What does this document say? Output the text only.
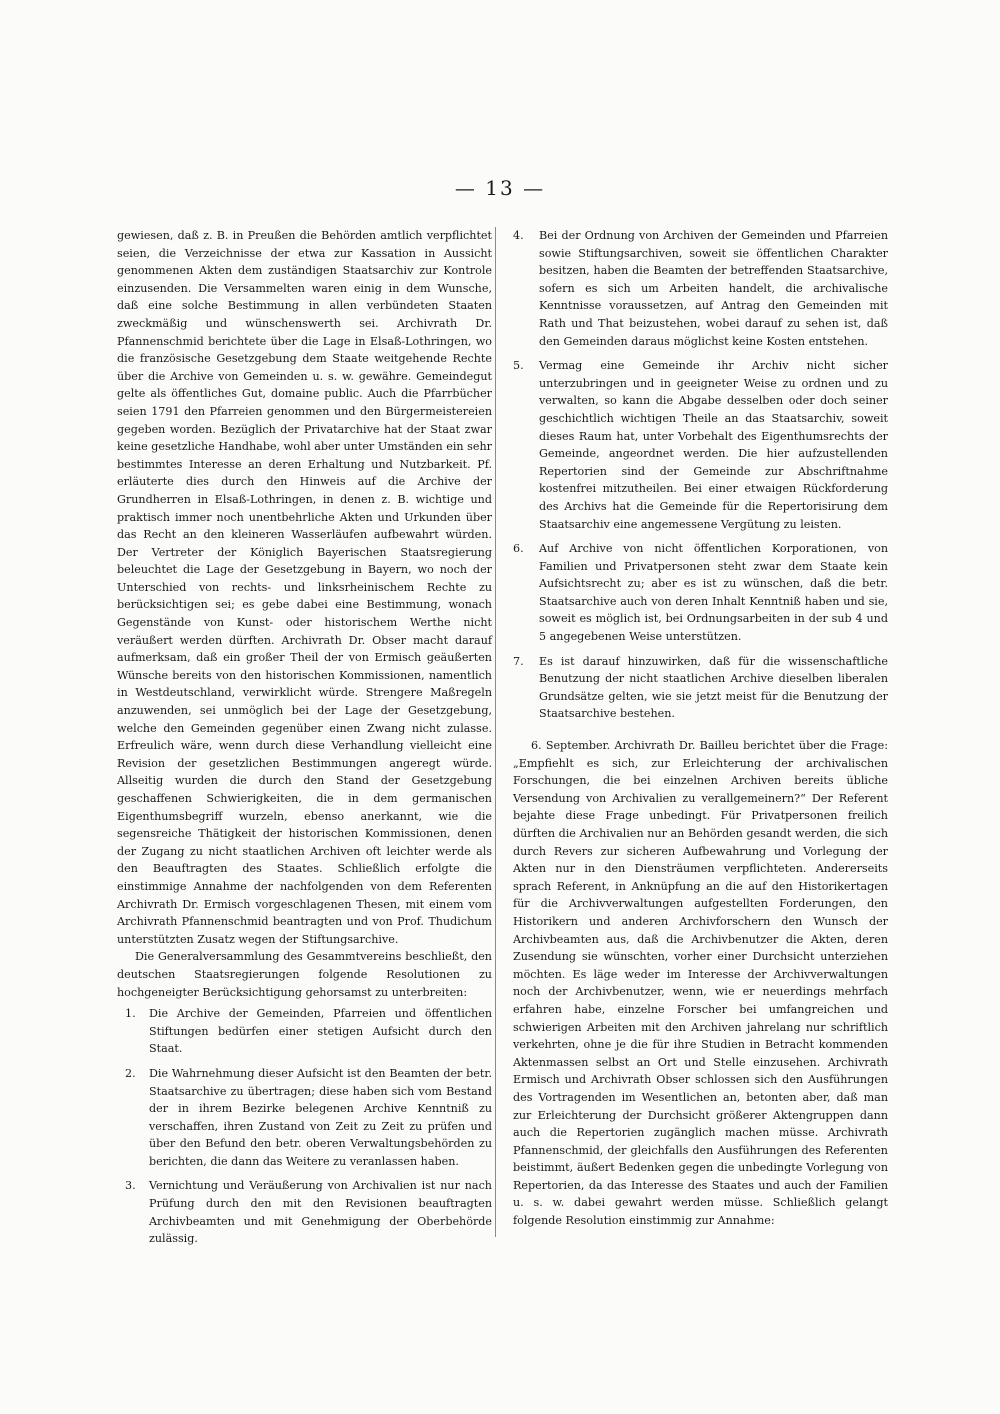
— 13 —

gewiesen, daß z. B. in Preußen die Behörden amtlich verpflichtet seien, die Verzeichnisse der etwa zur Kassation in Aussicht genommenen Akten dem zuständigen Staatsarchiv zur Kontrole einzusenden. Die Versammelten waren einig in dem Wunsche, daß eine solche Bestimmung in allen verbündeten Staaten zweckmäßig und wünschenswerth sei. Archivrath Dr. Pfannenschmid berichtete über die Lage in Elsaß-Lothringen, wo die französische Gesetzgebung dem Staate weitgehende Rechte über die Archive von Gemeinden u. s. w. gewähre. Gemeindegut gelte als öffentliches Gut, domaine public. Auch die Pfarrbücher seien 1791 den Pfarreien genommen und den Bürgermeistereien gegeben worden. Bezüglich der Privatarchive hat der Staat zwar keine gesetzliche Handhabe, wohl aber unter Umständen ein sehr bestimmtes Interesse an deren Erhaltung und Nutzbarkeit. Pf. erläuterte dies durch den Hinweis auf die Archive der Grundherren in Elsaß-Lothringen, in denen z. B. wichtige und praktisch immer noch unentbehrliche Akten und Urkunden über das Recht an den kleineren Wasserläufen aufbewahrt würden. Der Vertreter der Königlich Bayerischen Staatsregierung beleuchtet die Lage der Gesetzgebung in Bayern, wo noch der Unterschied von rechts- und linksrheinischem Rechte zu berücksichtigen sei; es gebe dabei eine Bestimmung, wonach Gegenstände von Kunst- oder historischem Werthe nicht veräußert werden dürften. Archivrath Dr. Obser macht darauf aufmerksam, daß ein großer Theil der von Ermisch geäußerten Wünsche bereits von den historischen Kommissionen, namentlich in Westdeutschland, verwirklicht würde. Strengere Maßregeln anzuwenden, sei unmöglich bei der Lage der Gesetzgebung, welche den Gemeinden gegenüber einen Zwang nicht zulasse. Erfreulich wäre, wenn durch diese Verhandlung vielleicht eine Revision der gesetzlichen Bestimmungen angeregt würde. Allseitig wurden die durch den Stand der Gesetzgebung geschaffenen Schwierigkeiten, die in dem germanischen Eigenthumsbegriff wurzeln, ebenso anerkannt, wie die segensreiche Thätigkeit der historischen Kommissionen, denen der Zugang zu nicht staatlichen Archiven oft leichter werde als den Beauftragten des Staates. Schließlich erfolgte die einstimmige Annahme der nachfolgenden von dem Referenten Archivrath Dr. Ermisch vorgeschlagenen Thesen, mit einem vom Archivrath Pfannenschmid beantragten und von Prof. Thudichum unterstützten Zusatz wegen der Stiftungsarchive.

Die Generalversammlung des Gesammtvereins beschließt, den deutschen Staatsregierungen folgende Resolutionen zu hochgeneigter Berücksichtigung gehorsamst zu unterbreiten:

1. Die Archive der Gemeinden, Pfarreien und öffentlichen Stiftungen bedürfen einer stetigen Aufsicht durch den Staat.
2. Die Wahrnehmung dieser Aufsicht ist den Beamten der betr. Staatsarchive zu übertragen; diese haben sich vom Bestand der in ihrem Bezirke belegenen Archive Kenntniß zu verschaffen, ihren Zustand von Zeit zu Zeit zu prüfen und über den Befund den betr. oberen Verwaltungsbehörden zu berichten, die dann das Weitere zu veranlassen haben.
3. Vernichtung und Veräußerung von Archivalien ist nur nach Prüfung durch den mit den Revisionen beauftragten Archivbeamten und mit Genehmigung der Oberbehörde zulässig.
4. Bei der Ordnung von Archiven der Gemeinden und Pfarreien sowie Stiftungsarchiven, soweit sie öffentlichen Charakter besitzen, haben die Beamten der betreffenden Staatsarchive, sofern es sich um Arbeiten handelt, die archivalische Kenntnisse voraussetzen, auf Antrag den Gemeinden mit Rath und That beizustehen, wobei darauf zu sehen ist, daß den Gemeinden daraus möglichst keine Kosten entstehen.
5. Vermag eine Gemeinde ihr Archiv nicht sicher unterzubringen und in geeigneter Weise zu ordnen und zu verwalten, so kann die Abgabe desselben oder doch seiner geschichtlich wichtigen Theile an das Staatsarchiv, soweit dieses Raum hat, unter Vorbehalt des Eigenthumsrechts der Gemeinde, angeordnet werden. Die hier aufzustellenden Repertorien sind der Gemeinde zur Abschriftnahme kostenfrei mitzutheilen. Bei einer etwaigen Rückforderung des Archivs hat die Gemeinde für die Repertorisirung dem Staatsarchiv eine angemessene Vergütung zu leisten.
6. Auf Archive von nicht öffentlichen Korporationen, von Familien und Privatpersonen steht zwar dem Staate kein Aufsichtsrecht zu; aber es ist zu wünschen, daß die betr. Staatsarchive auch von deren Inhalt Kenntniß haben und sie, soweit es möglich ist, bei Ordnungsarbeiten in der sub 4 und 5 angegebenen Weise unterstützen.
7. Es ist darauf hinzuwirken, daß für die wissenschaftliche Benutzung der nicht staatlichen Archive dieselben liberalen Grundsätze gelten, wie sie jetzt meist für die Benutzung der Staatsarchive bestehen.

6. September. Archivrath Dr. Bailleu berichtet über die Frage: „Empfiehlt es sich, zur Erleichterung der archivalischen Forschungen, die bei einzelnen Archiven bereits übliche Versendung von Archivalien zu verallgemeinern?“ Der Referent bejahte diese Frage unbedingt. Für Privatpersonen freilich dürften die Archivalien nur an Behörden gesandt werden, die sich durch Revers zur sicheren Aufbewahrung und Vorlegung der Akten nur in den Diensträumen verpflichteten. Andererseits sprach Referent, in Anknüpfung an die auf den Historikertagen für die Archivverwaltungen aufgestellten Forderungen, den Historikern und anderen Archivforschern den Wunsch der Archivbeamten aus, daß die Archivbenutzer die Akten, deren Zusendung sie wünschten, vorher einer Durchsicht unterziehen möchten. Es läge weder im Interesse der Archivverwaltungen noch der Archivbenutzer, wenn, wie er neuerdings mehrfach erfahren habe, einzelne Forscher bei umfangreichen und schwierigen Arbeiten mit den Archiven jahrelang nur schriftlich verkehrten, ohne je die für ihre Studien in Betracht kommenden Aktenmassen selbst an Ort und Stelle einzusehen. Archivrath Ermisch und Archivrath Obser schlossen sich den Ausführungen des Vortragenden im Wesentlichen an, betonten aber, daß man zur Erleichterung der Durchsicht größerer Aktengruppen dann auch die Repertorien zugänglich machen müsse. Archivrath Pfannenschmid, der gleichfalls den Ausführungen des Referenten beistimmt, äußert Bedenken gegen die unbedingte Vorlegung von Repertorien, da das Interesse des Staates und auch der Familien u. s. w. dabei gewahrt werden müsse. Schließlich gelangt folgende Resolution einstimmig zur Annahme:
